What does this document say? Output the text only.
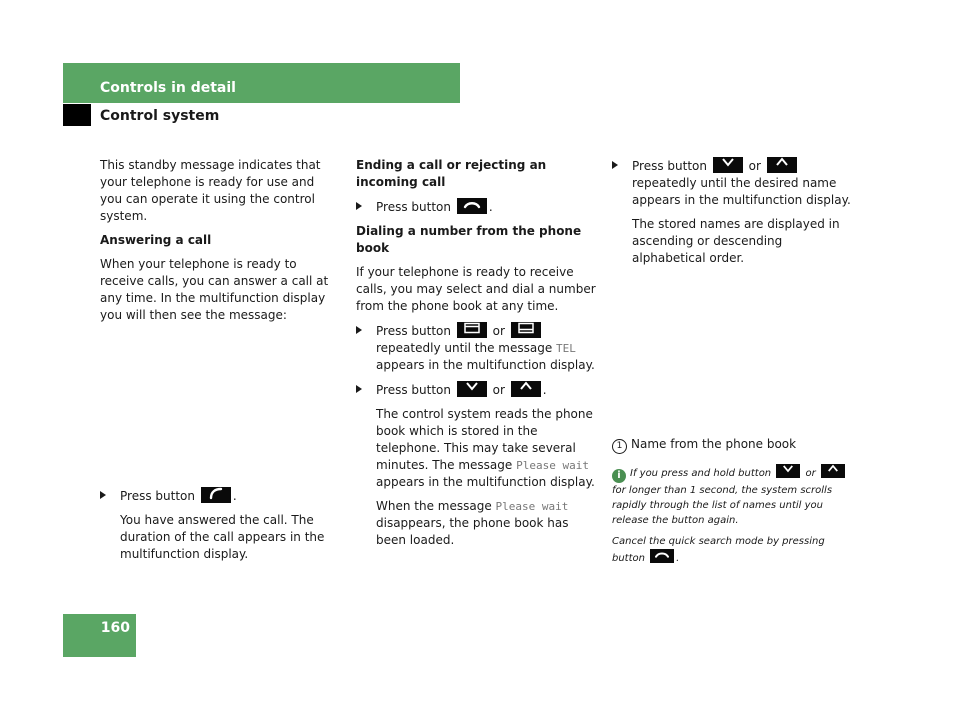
Controls in detail
Control system

This standby message indicates that your telephone is ready for use and you can operate it using the control system.

Answering a call

When your telephone is ready to receive calls, you can answer a call at any time. In the multifunction display you will then see the message:

Press button	.

You have answered the call. The duration of the call appears in the multifunction display.

Ending a call or rejecting an incoming call
Press button	.
Dialing a number from the phone book

If your telephone is ready to receive calls, you may select and dial a number from the phone book at any time.

Press button	or
repeatedly until the message TEL appears in the multifunction display.
Press button	or	.

The control system reads the phone book which is stored in the telephone. This may take several minutes. The message Please wait appears in the multifunction display.

When the message Please wait disappears, the phone book has been loaded.

Press button	or
repeatedly until the desired name appears in the multifunction display.

The stored names are displayed in ascending or descending alphabetical order.

1 Name from the phone book

i If you press and hold button	or
for longer than 1 second, the system scrolls rapidly through the list of names until you release the button again.

Cancel the quick search mode by pressing button	.

160
